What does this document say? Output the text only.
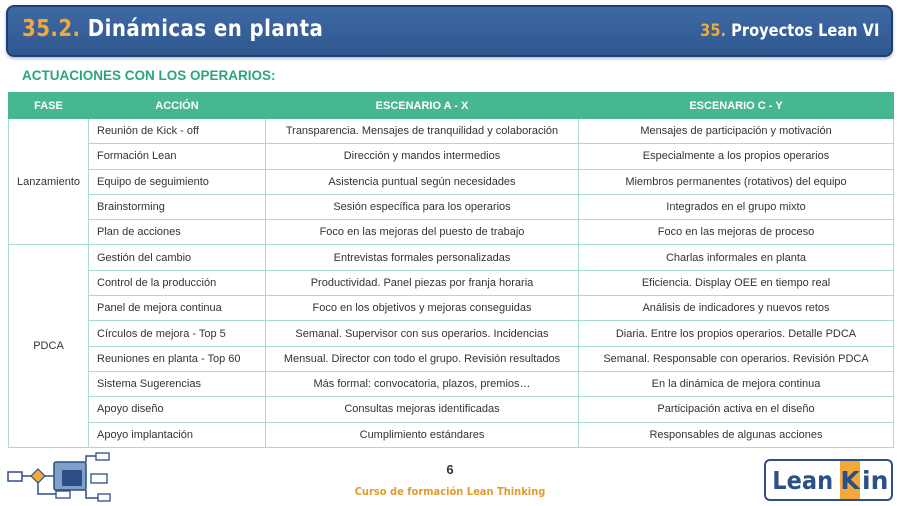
35.2. Dinámicas en planta	35. Proyectos Lean VI
ACTUACIONES CON LOS OPERARIOS:
FASE	ACCIÓN	ESCENARIO A - X	ESCENARIO C - Y
Lanzamiento	Reunión de Kick - off	Transparencia. Mensajes de tranquilidad y colaboración	Mensajes de participación y motivación
	Formación Lean	Dirección y mandos intermedios	Especialmente a los propios operarios
	Equipo de seguimiento	Asistencia puntual según necesidades	Miembros permanentes (rotativos) del equipo
	Brainstorming	Sesión específica para los operarios	Integrados en el grupo mixto
	Plan de acciones	Foco en las mejoras del puesto de trabajo	Foco en las mejoras de proceso
PDCA	Gestión del cambio	Entrevistas formales personalizadas	Charlas informales en planta
	Control de la producción	Productividad. Panel piezas por franja horaria	Eficiencia. Display OEE en tiempo real
	Panel de mejora continua	Foco en los objetivos y mejoras conseguidas	Análisis de indicadores y nuevos retos
	Círculos de mejora - Top 5	Semanal. Supervisor con sus operarios. Incidencias	Diaria. Entre los propios operarios. Detalle PDCA
	Reuniones en planta - Top 60	Mensual. Director con todo el grupo. Revisión resultados	Semanal. Responsable con operarios. Revisión PDCA
	Sistema Sugerencias	Más formal: convocatoria, plazos, premios…	En la dinámica de mejora continua
	Apoyo diseño	Consultas mejoras identificadas	Participación activa en el diseño
	Apoyo implantación	Cumplimiento estándares	Responsables de algunas acciones
6
Curso de formación Lean Thinking	Lean K in
